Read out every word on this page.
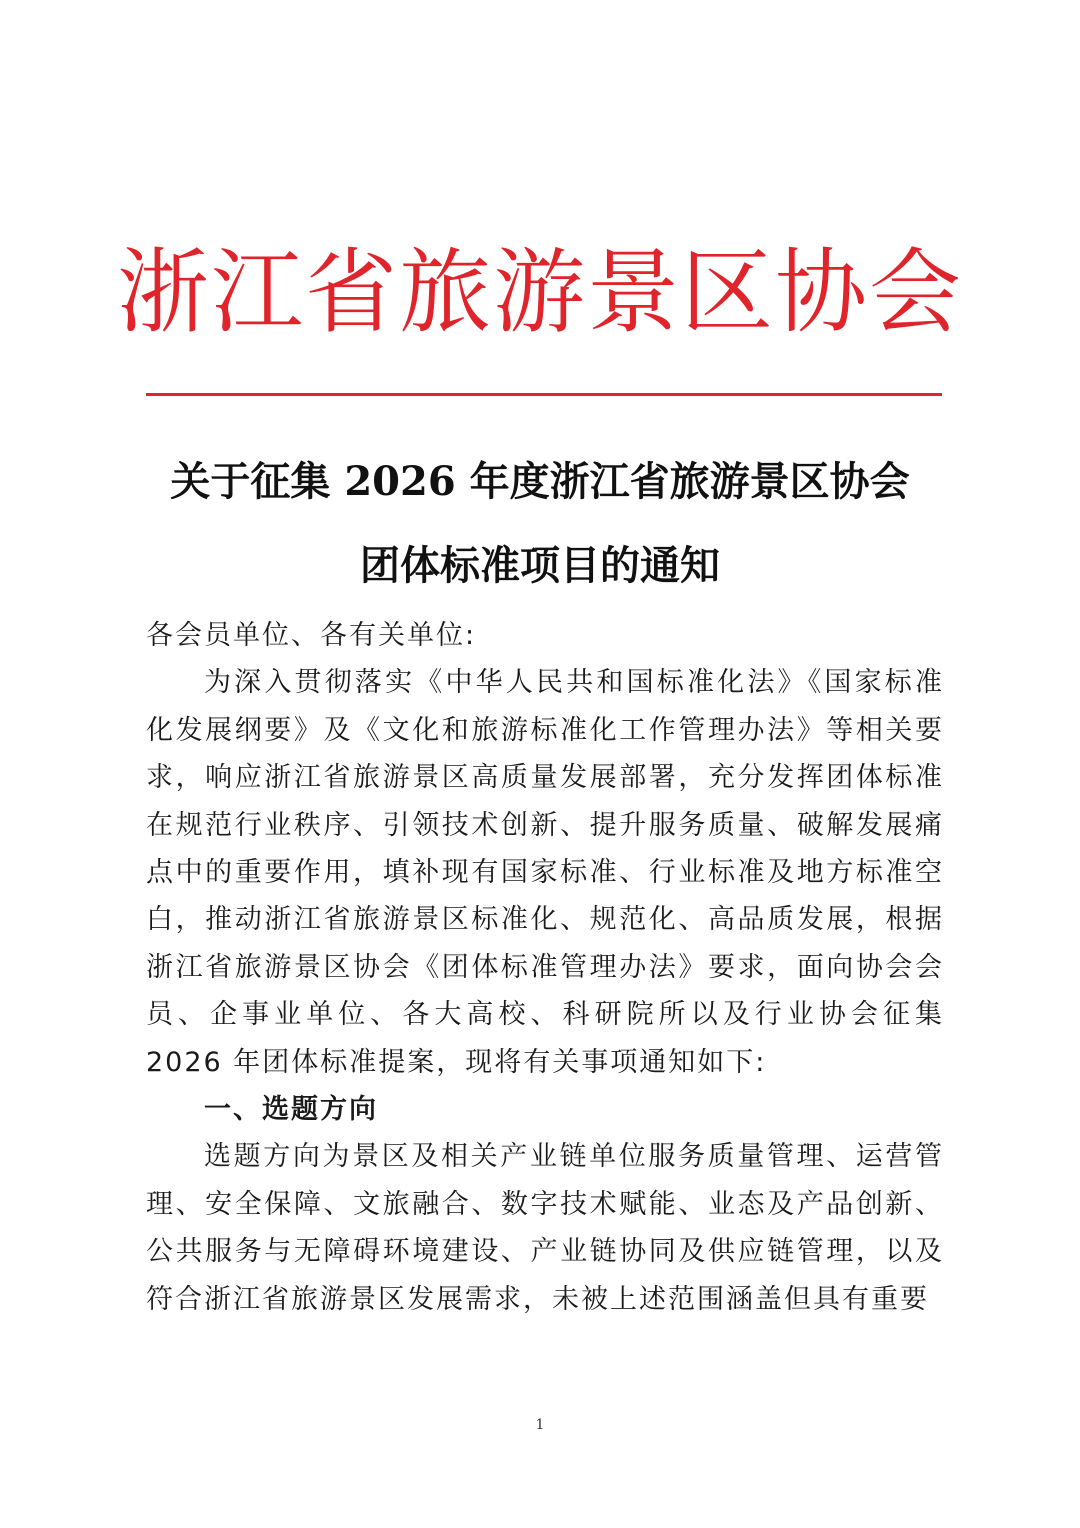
浙江省旅游景区协会
关于征集 2026 年度浙江省旅游景区协会
团体标准项目的通知

各会员单位、各有关单位:

为深入贯彻落实《中华人民共和国标准化法》《国家标准化发展纲要》及《文化和旅游标准化工作管理办法》等相关要求，响应浙江省旅游景区高质量发展部署，充分发挥团体标准在规范行业秩序、引领技术创新、提升服务质量、破解发展痛点中的重要作用，填补现有国家标准、行业标准及地方标准空白，推动浙江省旅游景区标准化、规范化、高品质发展，根据浙江省旅游景区协会《团体标准管理办法》要求，面向协会会员、企事业单位、各大高校、科研院所以及行业协会征集 2026 年团体标准提案，现将有关事项通知如下:

一、选题方向

选题方向为景区及相关产业链单位服务质量管理、运营管理、安全保障、文旅融合、数字技术赋能、业态及产品创新、公共服务与无障碍环境建设、产业链协同及供应链管理，以及符合浙江省旅游景区发展需求，未被上述范围涵盖但具有重要

1
